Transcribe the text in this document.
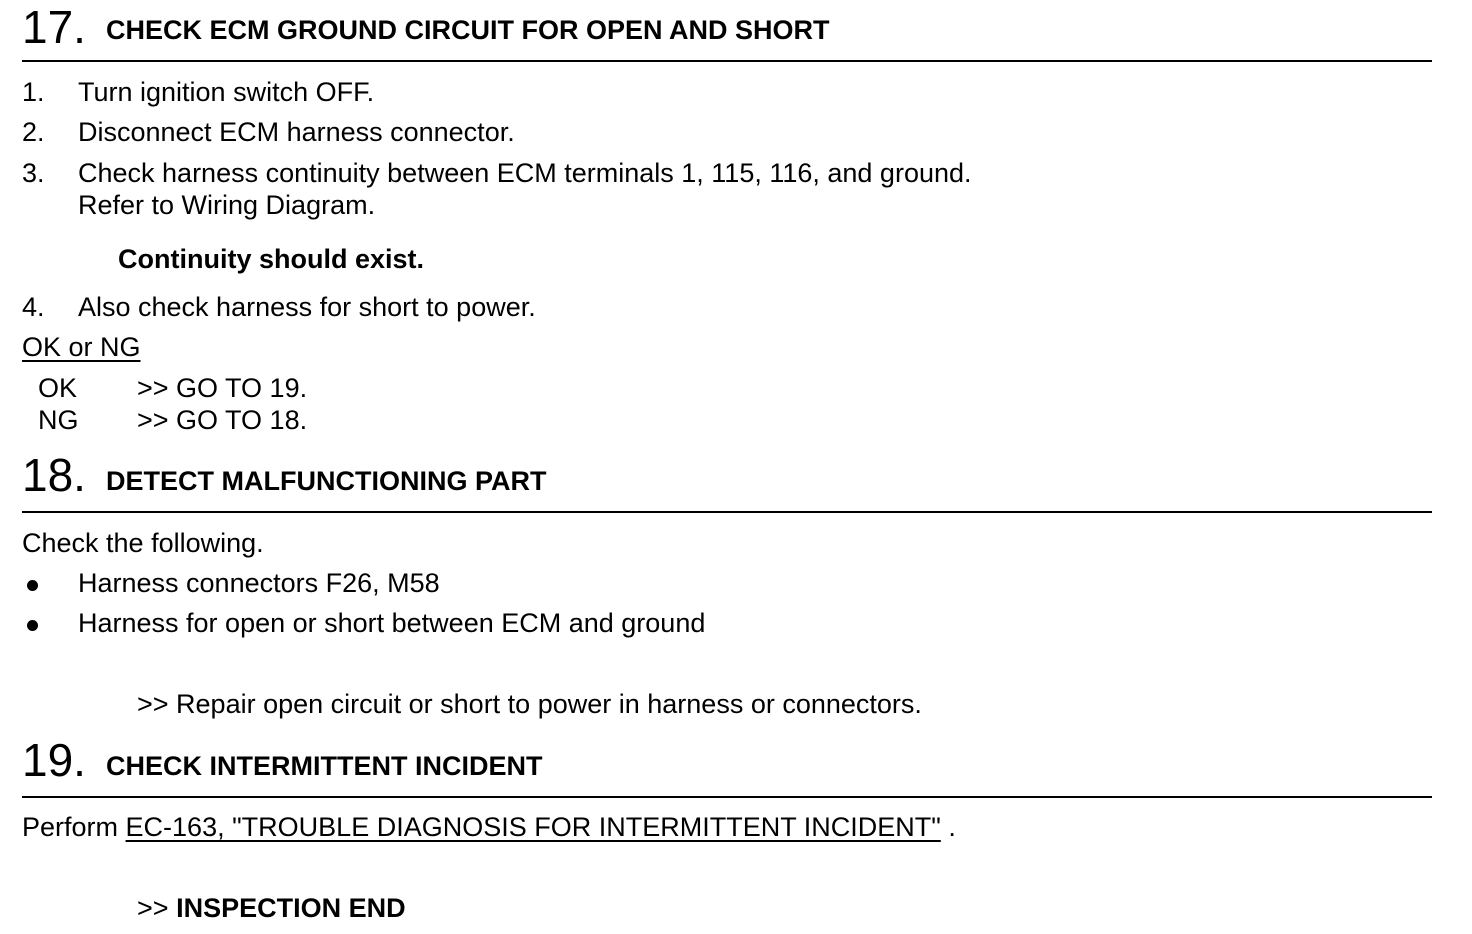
17. CHECK ECM GROUND CIRCUIT FOR OPEN AND SHORT
1. Turn ignition switch OFF.
2. Disconnect ECM harness connector.
3. Check harness continuity between ECM terminals 1, 115, 116, and ground.
Refer to Wiring Diagram.
Continuity should exist.
4. Also check harness for short to power.
OK or NG
OK >> GO TO 19.
NG >> GO TO 18.
18. DETECT MALFUNCTIONING PART
Check the following.
Harness connectors F26, M58
Harness for open or short between ECM and ground
>> Repair open circuit or short to power in harness or connectors.
19. CHECK INTERMITTENT INCIDENT
Perform EC-163, "TROUBLE DIAGNOSIS FOR INTERMITTENT INCIDENT" .
>> INSPECTION END
